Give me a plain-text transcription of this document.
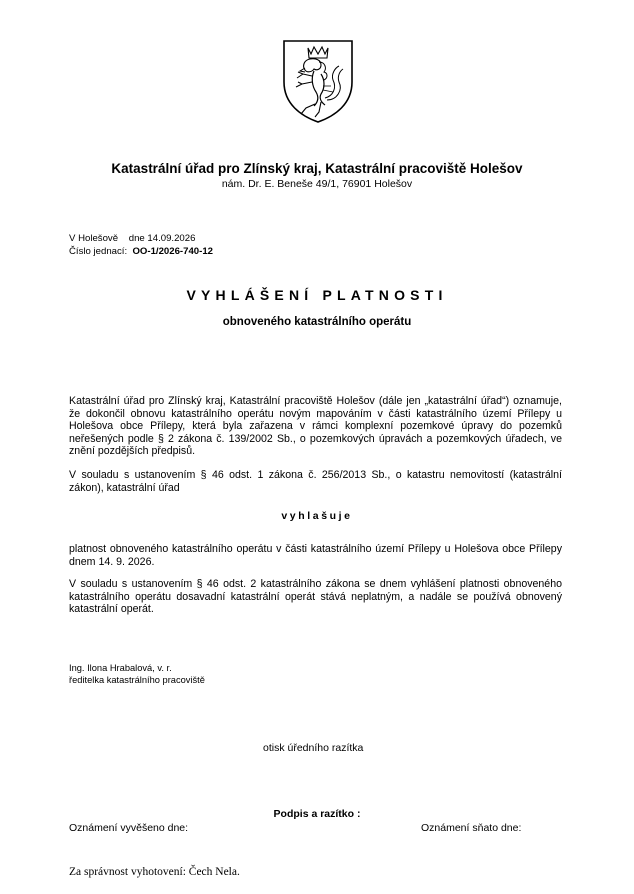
Katastrální úřad pro Zlínský kraj, Katastrální pracoviště Holešov
nám. Dr. E. Beneše 49/1, 76901 Holešov
V Holešově dne 14.09.2026
Číslo jednací: OO-1/2026-740-12
VYHLÁŠENÍ PLATNOSTI
obnoveného katastrálního operátu
Katastrální úřad pro Zlínský kraj, Katastrální pracoviště Holešov (dále jen „katastrální úřad“) oznamuje, že dokončil obnovu katastrálního operátu novým mapováním v části katastrálního území Přílepy u Holešova obce Přílepy, která byla zařazena v rámci komplexní pozemkové úpravy do pozemků neřešených podle § 2 zákona č. 139/2002 Sb., o pozemkových úpravách a pozemkových úřadech, ve znění pozdějších předpisů.
V souladu s ustanovením § 46 odst. 1 zákona č. 256/2013 Sb., o katastru nemovitostí (katastrální zákon), katastrální úřad
vyhlašuje
platnost obnoveného katastrálního operátu v části katastrálního území Přílepy u Holešova obce Přílepy dnem 14. 9. 2026.
V souladu s ustanovením § 46 odst. 2 katastrálního zákona se dnem vyhlášení platnosti obnoveného katastrálního operátu dosavadní katastrální operát stává neplatným, a nadále se používá obnovený katastrální operát.
Ing. Ilona Hrabalová, v. r.
ředitelka katastrálního pracoviště
otisk úředního razítka
Podpis a razítko :
Oznámení vyvěšeno dne:	Oznámení sňato dne:
Za správnost vyhotovení: Čech Nela.
